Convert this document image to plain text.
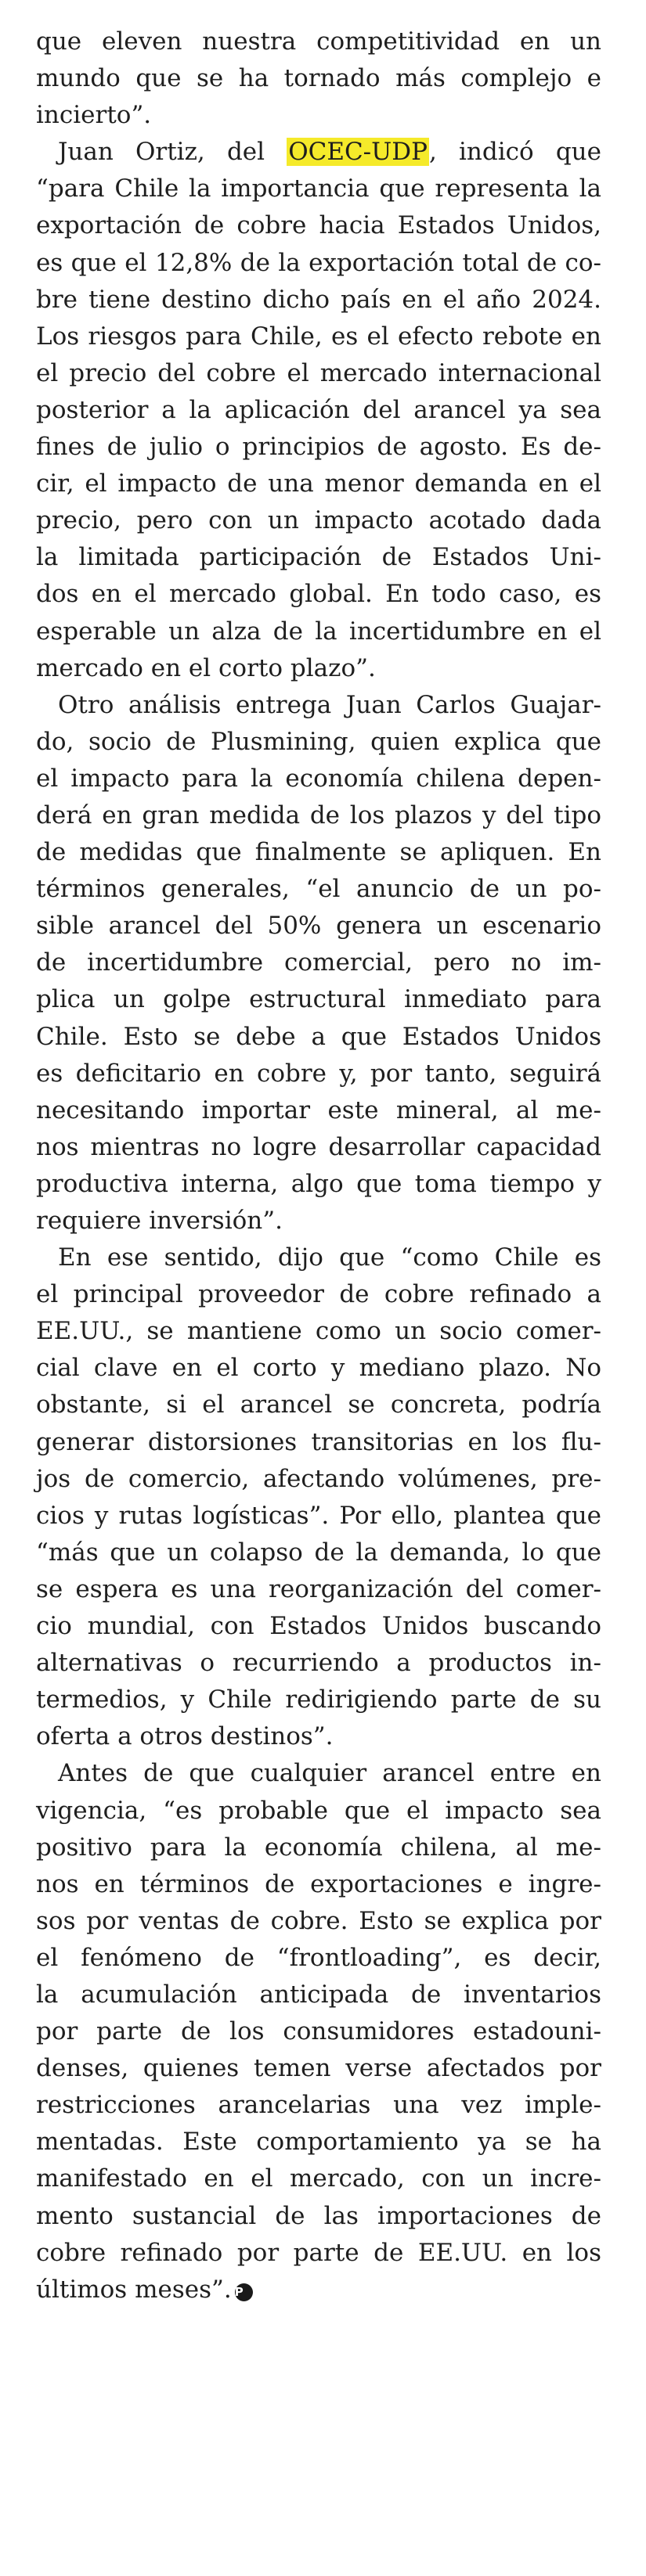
que eleven nuestra competitividad en un
mundo que se ha tornado más complejo e
incierto”.
Juan Ortiz, del OCEC-UDP, indicó que
“para Chile la importancia que representa la
exportación de cobre hacia Estados Unidos,
es que el 12,8% de la exportación total de co-
bre tiene destino dicho país en el año 2024.
Los riesgos para Chile, es el efecto rebote en
el precio del cobre el mercado internacional
posterior a la aplicación del arancel ya sea
fines de julio o principios de agosto. Es de-
cir, el impacto de una menor demanda en el
precio, pero con un impacto acotado dada
la limitada participación de Estados Uni-
dos en el mercado global. En todo caso, es
esperable un alza de la incertidumbre en el
mercado en el corto plazo”.
Otro análisis entrega Juan Carlos Guajar-
do, socio de Plusmining, quien explica que
el impacto para la economía chilena depen-
derá en gran medida de los plazos y del tipo
de medidas que finalmente se apliquen. En
términos generales, “el anuncio de un po-
sible arancel del 50% genera un escenario
de incertidumbre comercial, pero no im-
plica un golpe estructural inmediato para
Chile. Esto se debe a que Estados Unidos
es deficitario en cobre y, por tanto, seguirá
necesitando importar este mineral, al me-
nos mientras no logre desarrollar capacidad
productiva interna, algo que toma tiempo y
requiere inversión”.
En ese sentido, dijo que “como Chile es
el principal proveedor de cobre refinado a
EE.UU., se mantiene como un socio comer-
cial clave en el corto y mediano plazo. No
obstante, si el arancel se concreta, podría
generar distorsiones transitorias en los flu-
jos de comercio, afectando volúmenes, pre-
cios y rutas logísticas”. Por ello, plantea que
“más que un colapso de la demanda, lo que
se espera es una reorganización del comer-
cio mundial, con Estados Unidos buscando
alternativas o recurriendo a productos in-
termedios, y Chile redirigiendo parte de su
oferta a otros destinos”.
Antes de que cualquier arancel entre en
vigencia, “es probable que el impacto sea
positivo para la economía chilena, al me-
nos en términos de exportaciones e ingre-
sos por ventas de cobre. Esto se explica por
el fenómeno de “frontloading”, es decir,
la acumulación anticipada de inventarios
por parte de los consumidores estadouni-
denses, quienes temen verse afectados por
restricciones arancelarias una vez imple-
mentadas. Este comportamiento ya se ha
manifestado en el mercado, con un incre-
mento sustancial de las importaciones de
cobre refinado por parte de EE.UU. en los
últimos meses”. P
